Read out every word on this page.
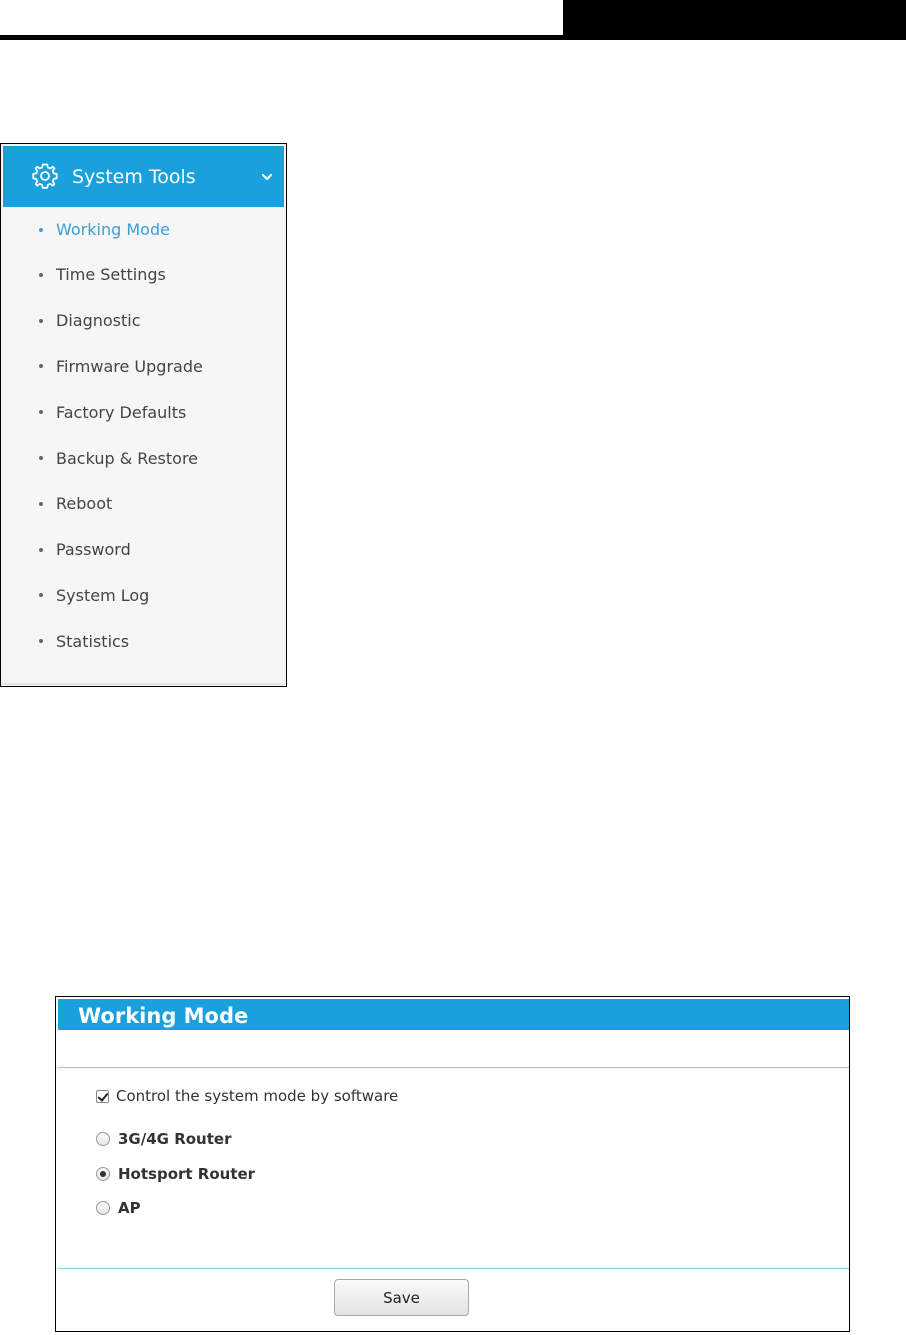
System Tools
Working Mode
Time Settings
Diagnostic
Firmware Upgrade
Factory Defaults
Backup & Restore
Reboot
Password
System Log
Statistics
Working Mode
Control the system mode by software
3G/4G Router
Hotsport Router
AP
Save
